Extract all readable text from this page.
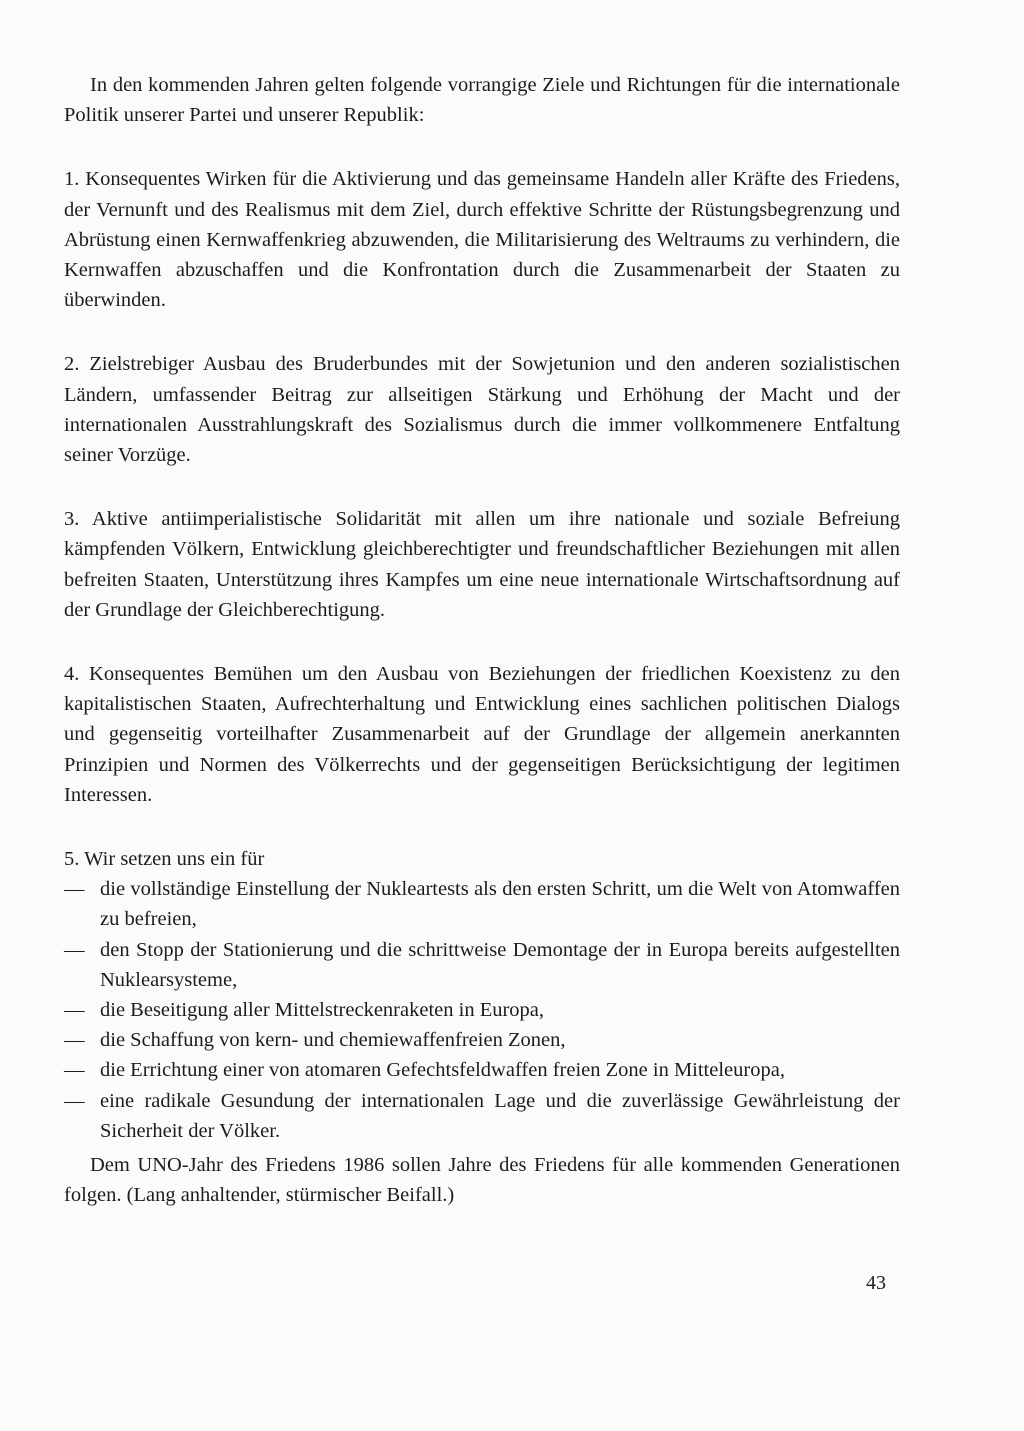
In den kommenden Jahren gelten folgende vorrangige Ziele und Richtungen für die internationale Politik unserer Partei und unserer Republik:

1. Konsequentes Wirken für die Aktivierung und das gemeinsame Handeln aller Kräfte des Friedens, der Vernunft und des Realismus mit dem Ziel, durch effektive Schritte der Rüstungsbegrenzung und Abrüstung einen Kernwaffenkrieg abzuwenden, die Militarisierung des Weltraums zu verhindern, die Kernwaffen abzuschaffen und die Konfrontation durch die Zusammenarbeit der Staaten zu überwinden.

2. Zielstrebiger Ausbau des Bruderbundes mit der Sowjetunion und den anderen sozialistischen Ländern, umfassender Beitrag zur allseitigen Stärkung und Erhöhung der Macht und der internationalen Ausstrahlungskraft des Sozialismus durch die immer vollkommenere Entfaltung seiner Vorzüge.

3. Aktive antiimperialistische Solidarität mit allen um ihre nationale und soziale Befreiung kämpfenden Völkern, Entwicklung gleichberechtigter und freundschaftlicher Beziehungen mit allen befreiten Staaten, Unterstützung ihres Kampfes um eine neue internationale Wirtschaftsordnung auf der Grundlage der Gleichberechtigung.

4. Konsequentes Bemühen um den Ausbau von Beziehungen der friedlichen Koexistenz zu den kapitalistischen Staaten, Aufrechterhaltung und Entwicklung eines sachlichen politischen Dialogs und gegenseitig vorteilhafter Zusammenarbeit auf der Grundlage der allgemein anerkannten Prinzipien und Normen des Völkerrechts und der gegenseitigen Berücksichtigung der legitimen Interessen.

5. Wir setzen uns ein für

— die vollständige Einstellung der Nukleartests als den ersten Schritt, um die Welt von Atomwaffen zu befreien,
— den Stopp der Stationierung und die schrittweise Demontage der in Europa bereits aufgestellten Nuklearsysteme,
— die Beseitigung aller Mittelstreckenraketen in Europa,
— die Schaffung von kern- und chemiewaffenfreien Zonen,
— die Errichtung einer von atomaren Gefechtsfeldwaffen freien Zone in Mitteleuropa,
— eine radikale Gesundung der internationalen Lage und die zuverlässige Gewährleistung der Sicherheit der Völker.

Dem UNO-Jahr des Friedens 1986 sollen Jahre des Friedens für alle kommenden Generationen folgen. (Lang anhaltender, stürmischer Beifall.)

43
